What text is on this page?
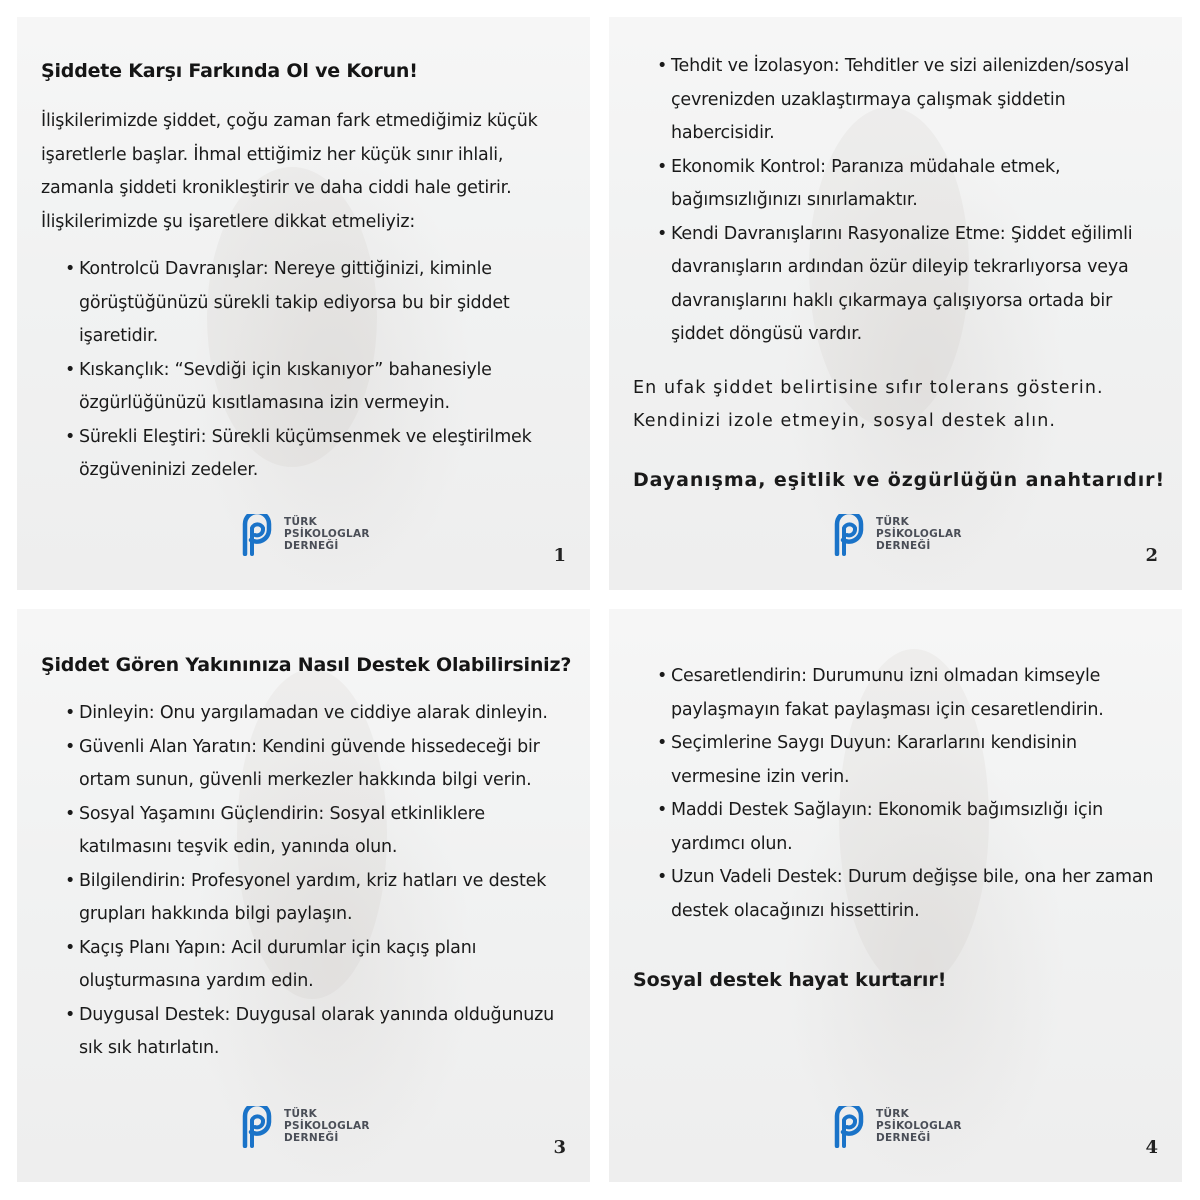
Şiddete Karşı Farkında Ol ve Korun!

İlişkilerimizde şiddet, çoğu zaman fark etmediğimiz küçük işaretlerle başlar. İhmal ettiğimiz her küçük sınır ihlali, zamanla şiddeti kronikleştirir ve daha ciddi hale getirir. İlişkilerimizde şu işaretlere dikkat etmeliyiz:

• Kontrolcü Davranışlar: Nereye gittiğinizi, kiminle görüştüğünüzü sürekli takip ediyorsa bu bir şiddet işaretidir.
• Kıskançlık: “Sevdiği için kıskanıyor” bahanesiyle özgürlüğünüzü kısıtlamasına izin vermeyin.
• Sürekli Eleştiri: Sürekli küçümsenmek ve eleştirilmek özgüveninizi zedeler.
TÜRK
PSİKOLOGLAR
DERNEĞİ	1
• Tehdit ve İzolasyon: Tehditler ve sizi ailenizden/sosyal çevrenizden uzaklaştırmaya çalışmak şiddetin habercisidir.
• Ekonomik Kontrol: Paranıza müdahale etmek, bağımsızlığınızı sınırlamaktır.
• Kendi Davranışlarını Rasyonalize Etme: Şiddet eğilimli davranışların ardından özür dileyip tekrarlıyorsa veya davranışlarını haklı çıkarmaya çalışıyorsa ortada bir şiddet döngüsü vardır.

En ufak şiddet belirtisine sıfır tolerans gösterin. Kendinizi izole etmeyin, sosyal destek alın.

Dayanışma, eşitlik ve özgürlüğün anahtarıdır!
TÜRK
PSİKOLOGLAR
DERNEĞİ	2
Şiddet Gören Yakınınıza Nasıl Destek Olabilirsiniz?
• Dinleyin: Onu yargılamadan ve ciddiye alarak dinleyin.
• Güvenli Alan Yaratın: Kendini güvende hissedeceği bir ortam sunun, güvenli merkezler hakkında bilgi verin.
• Sosyal Yaşamını Güçlendirin: Sosyal etkinliklere katılmasını teşvik edin, yanında olun.
• Bilgilendirin: Profesyonel yardım, kriz hatları ve destek grupları hakkında bilgi paylaşın.
• Kaçış Planı Yapın: Acil durumlar için kaçış planı oluşturmasına yardım edin.
• Duygusal Destek: Duygusal olarak yanında olduğunuzu sık sık hatırlatın.
TÜRK
PSİKOLOGLAR
DERNEĞİ	3
• Cesaretlendirin: Durumunu izni olmadan kimseyle paylaşmayın fakat paylaşması için cesaretlendirin.
• Seçimlerine Saygı Duyun: Kararlarını kendisinin vermesine izin verin.
• Maddi Destek Sağlayın: Ekonomik bağımsızlığı için yardımcı olun.
• Uzun Vadeli Destek: Durum değişse bile, ona her zaman destek olacağınızı hissettirin.
Sosyal destek hayat kurtarır!
TÜRK
PSİKOLOGLAR
DERNEĞİ	4
